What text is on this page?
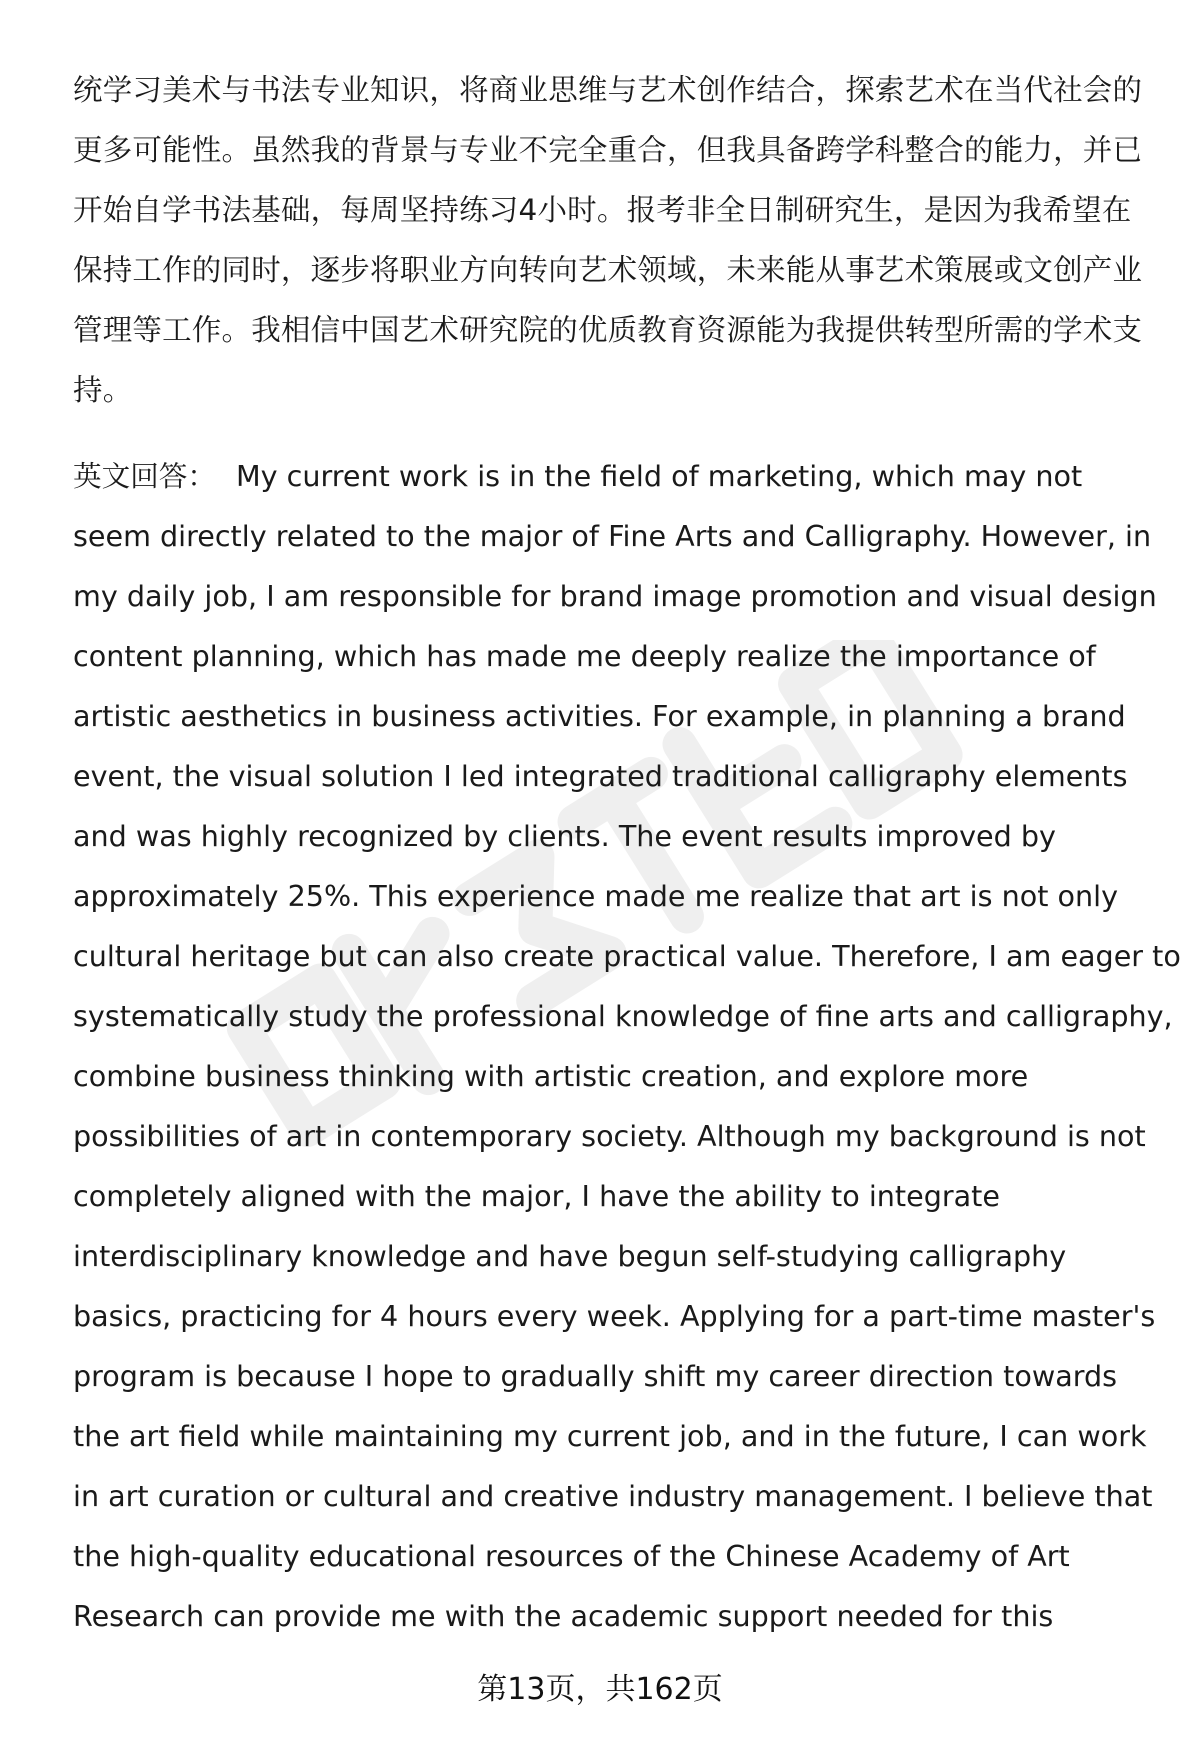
统学习美术与书法专业知识，将商业思维与艺术创作结合，探索艺术在当代社会的
更多可能性。虽然我的背景与专业不完全重合，但我具备跨学科整合的能力，并已
开始自学书法基础，每周坚持练习4小时。报考非全日制研究生，是因为我希望在
保持工作的同时，逐步将职业方向转向艺术领域，未来能从事艺术策展或文创产业
管理等工作。我相信中国艺术研究院的优质教育资源能为我提供转型所需的学术支
持。
英文回答： My current work is in the field of marketing, which may not
seem directly related to the major of Fine Arts and Calligraphy. However, in
my daily job, I am responsible for brand image promotion and visual design
content planning, which has made me deeply realize the importance of
artistic aesthetics in business activities. For example, in planning a brand
event, the visual solution I led integrated traditional calligraphy elements
and was highly recognized by clients. The event results improved by
approximately 25%. This experience made me realize that art is not only
cultural heritage but can also create practical value. Therefore, I am eager to
systematically study the professional knowledge of fine arts and calligraphy,
combine business thinking with artistic creation, and explore more
possibilities of art in contemporary society. Although my background is not
completely aligned with the major, I have the ability to integrate
interdisciplinary knowledge and have begun self-studying calligraphy
basics, practicing for 4 hours every week. Applying for a part-time master's
program is because I hope to gradually shift my career direction towards
the art field while maintaining my current job, and in the future, I can work
in art curation or cultural and creative industry management. I believe that
the high-quality educational resources of the Chinese Academy of Art
Research can provide me with the academic support needed for this
第13页，共162页
